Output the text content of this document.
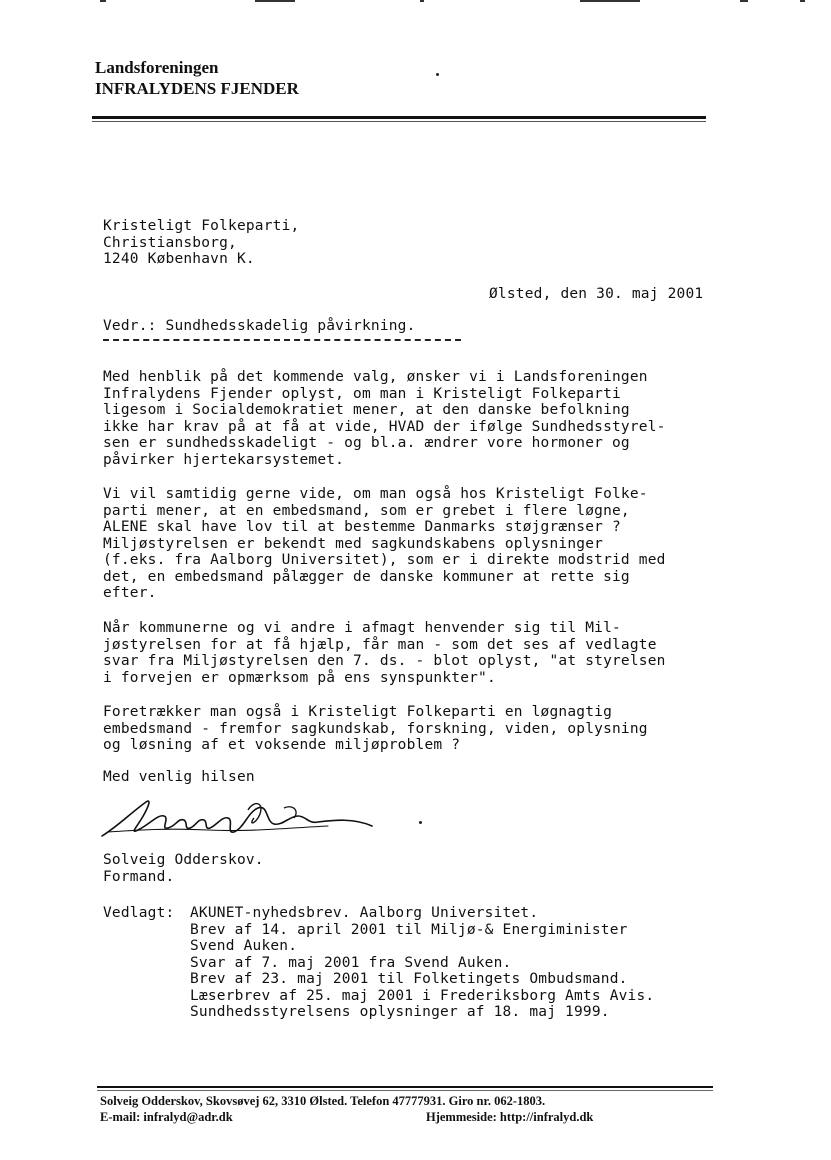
Landsforeningen
INFRALYDENS FJENDER
Kristeligt Folkeparti,
Christiansborg,
1240 København K.
Ølsted, den 30. maj 2001
Vedr.: Sundhedsskadelig påvirkning.
Med henblik på det kommende valg, ønsker vi i Landsforeningen
Infralydens Fjender oplyst, om man i Kristeligt Folkeparti
ligesom i Socialdemokratiet mener, at den danske befolkning
ikke har krav på at få at vide, HVAD der ifølge Sundhedsstyrel-
sen er sundhedsskadeligt - og bl.a. ændrer vore hormoner og
påvirker hjertekarsystemet.
Vi vil samtidig gerne vide, om man også hos Kristeligt Folke-
parti mener, at en embedsmand, som er grebet i flere løgne,
ALENE skal have lov til at bestemme Danmarks støjgrænser ?
Miljøstyrelsen er bekendt med sagkundskabens oplysninger
(f.eks. fra Aalborg Universitet), som er i direkte modstrid med
det, en embedsmand pålægger de danske kommuner at rette sig
efter.
Når kommunerne og vi andre i afmagt henvender sig til Mil-
jøstyrelsen for at få hjælp, får man - som det ses af vedlagte
svar fra Miljøstyrelsen den 7. ds. - blot oplyst, "at styrelsen
i forvejen er opmærksom på ens synspunkter".
Foretrækker man også i Kristeligt Folkeparti en løgnagtig
embedsmand - fremfor sagkundskab, forskning, viden, oplysning
og løsning af et voksende miljøproblem ?
Med venlig hilsen
Solveig Odderskov.
Formand.
Vedlagt: AKUNET-nyhedsbrev. Aalborg Universitet.
Brev af 14. april 2001 til Miljø-& Energiminister
Svend Auken.
Svar af 7. maj 2001 fra Svend Auken.
Brev af 23. maj 2001 til Folketingets Ombudsmand.
Læserbrev af 25. maj 2001 i Frederiksborg Amts Avis.
Sundhedsstyrelsens oplysninger af 18. maj 1999.
Solveig Odderskov, Skovsøvej 62, 3310 Ølsted. Telefon 47777931. Giro nr. 062-1803.
E-mail: infralyd@adr.dk	Hjemmeside: http://infralyd.dk
